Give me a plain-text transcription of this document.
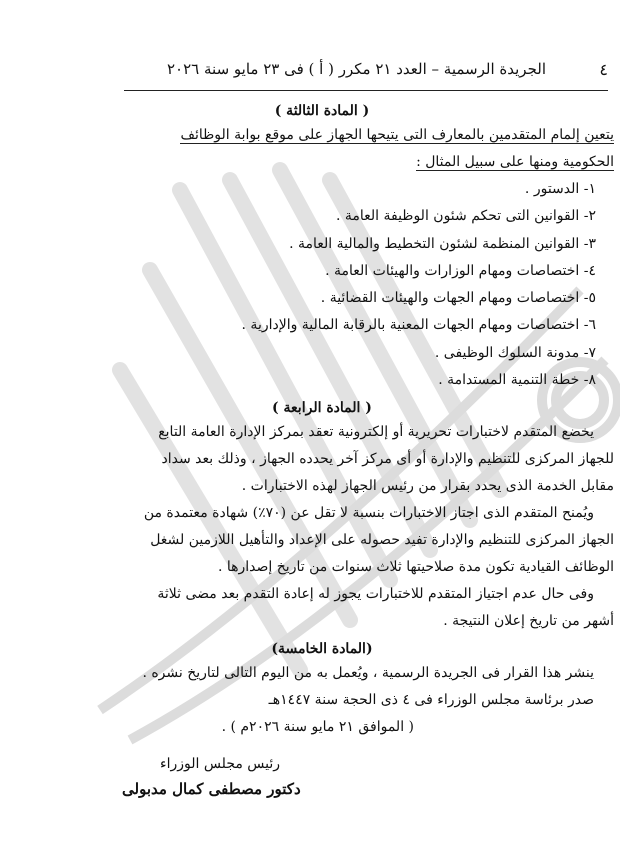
٤
الجريدة الرسمية – العدد ٢١ مكرر ( أ ) فى ٢٣ مايو سنة ٢٠٢٦

( المادة الثالثة )

يتعين إلمام المتقدمين بالمعارف التى يتيحها الجهاز على موقع بوابة الوظائف
الحكومية ومنها على سبيل المثال :

١- الدستور .
٢- القوانين التى تحكم شئون الوظيفة العامة .
٣- القوانين المنظمة لشئون التخطيط والمالية العامة .
٤- اختصاصات ومهام الوزارات والهيئات العامة .
٥- اختصاصات ومهام الجهات والهيئات القضائية .
٦- اختصاصات ومهام الجهات المعنية بالرقابة المالية والإدارية .
٧- مدونة السلوك الوظيفى .
٨- خطة التنمية المستدامة .

( المادة الرابعة )

يخضع المتقدم لاختبارات تحريرية أو إلكترونية تعقد بمركز الإدارة العامة التابع
للجهاز المركزى للتنظيم والإدارة أو أى مركز آخر يحدده الجهاز ، وذلك بعد سداد
مقابل الخدمة الذى يحدد بقرار من رئيس الجهاز لهذه الاختبارات .

ويُمنح المتقدم الذى اجتاز الاختبارات بنسبة لا تقل عن (٧٠٪) شهادة معتمدة من
الجهاز المركزى للتنظيم والإدارة تفيد حصوله على الإعداد والتأهيل اللازمين لشغل
الوظائف القيادية تكون مدة صلاحيتها ثلاث سنوات من تاريخ إصدارها .

وفى حال عدم اجتياز المتقدم للاختبارات يجوز له إعادة التقدم بعد مضى ثلاثة
أشهر من تاريخ إعلان النتيجة .

(المادة الخامسة)

ينشر هذا القرار فى الجريدة الرسمية ، ويُعمل به من اليوم التالى لتاريخ نشره .

صدر برئاسة مجلس الوزراء فى ٤ ذى الحجة سنة ١٤٤٧هـ

( الموافق ٢١ مايو سنة ٢٠٢٦م ) .

رئيس مجلس الوزراء
دكتور مصطفى كمال مدبولى
